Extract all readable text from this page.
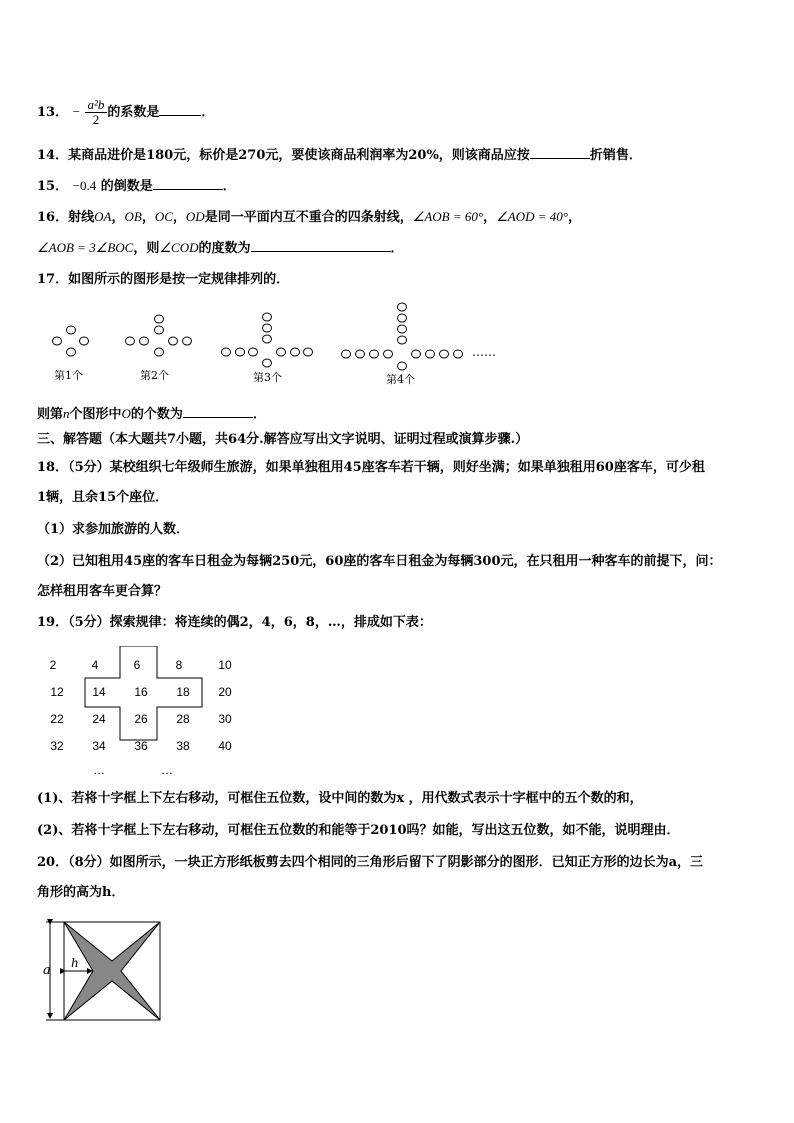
13． − $\frac{\text{a²b}}{2}$ 的系数是	．
14．某商品进价是180元，标价是270元，要使该商品利润率为20%，则该商品应按	折销售．
15． −0.4 的倒数是	．
16．射线OA，OB，OC，OD是同一平面内互不重合的四条射线，∠AOB = 60°，∠AOD = 40°，
∠AOB = 3∠BOC，则∠COD的度数为	．
17．如图所示的图形是按一定规律排列的．
……
第1个	第2个	第3个	第4个
则第n个图形中O的个数为	．
三、解答题（本大题共7小题，共64分.解答应写出文字说明、证明过程或演算步骤.）
18．（5分）某校组织七年级师生旅游，如果单独租用45座客车若干辆，则好坐满；如果单独租用60座客车，可少租
1辆，且余15个座位．
（1）求参加旅游的人数．
（2）已知租用45座的客车日租金为每辆250元，60座的客车日租金为每辆300元，在只租用一种客车的前提下，问：
怎样租用客车更合算？
19．（5分）探索规律：将连续的偶2，4，6，8，…，排成如下表：
2	4	6	8	10
12	14	16	18	20
22	24	26	28	30
32	34	36	38	40
…	…
(1)、若将十字框上下左右移动，可框住五位数，设中间的数为x ，用代数式表示十字框中的五个数的和，
(2)、若将十字框上下左右移动，可框住五位数的和能等于2010吗？如能，写出这五位数，如不能，说明理由．
20．（8分）如图所示，一块正方形纸板剪去四个相同的三角形后留下了阴影部分的图形．已知正方形的边长为a，三
角形的高为h．
a h
